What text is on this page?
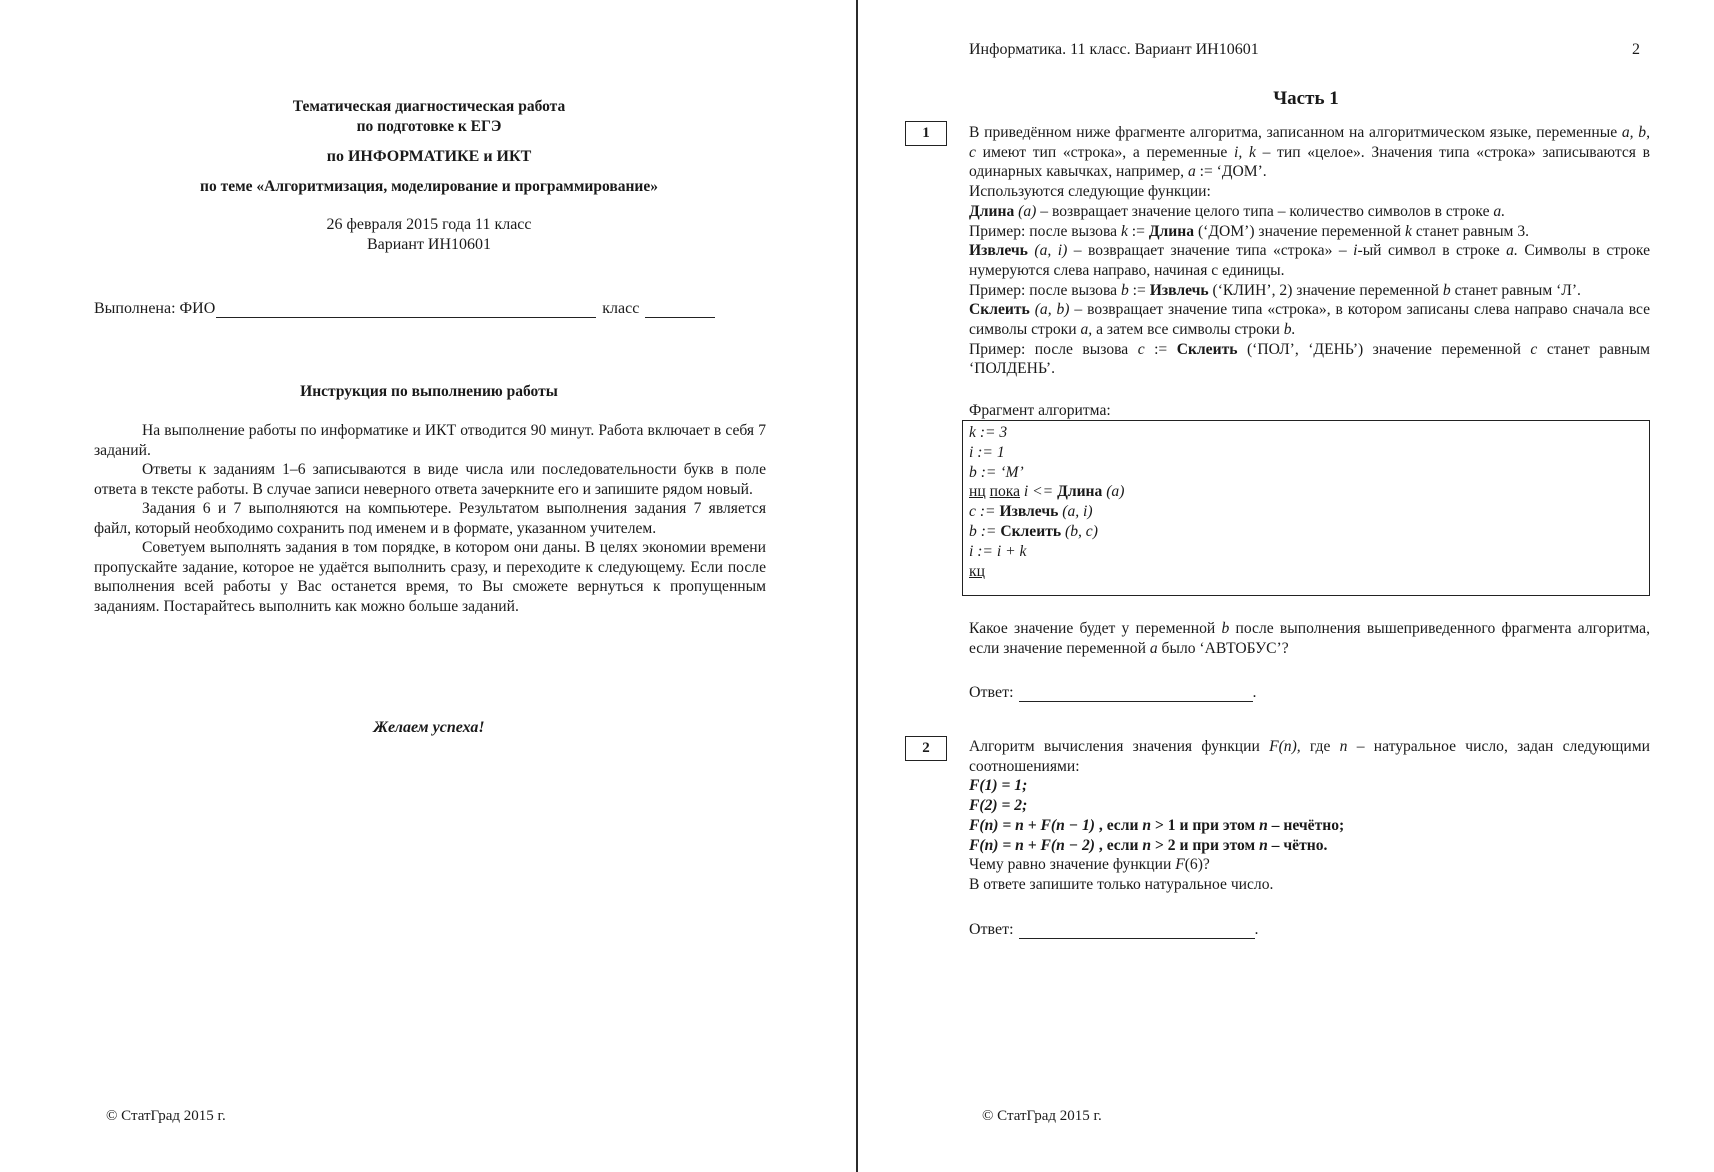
Тематическая диагностическая работа
по подготовке к ЕГЭ
по ИНФОРМАТИКЕ и ИКТ
по теме «Алгоритмизация, моделирование и программирование»
26 февраля 2015 года 11 класс
Вариант ИН10601
Выполнена: ФИО	класс
Инструкция по выполнению работы

На выполнение работы по информатике и ИКТ отводится 90 минут. Работа включает в себя 7 заданий.

Ответы к заданиям 1–6 записываются в виде числа или последовательности букв в поле ответа в тексте работы. В случае записи неверного ответа зачеркните его и запишите рядом новый.

Задания 6 и 7 выполняются на компьютере. Результатом выполнения задания 7 является файл, который необходимо сохранить под именем и в формате, указанном учителем.

Советуем выполнять задания в том порядке, в котором они даны. В целях экономии времени пропускайте задание, которое не удаётся выполнить сразу, и переходите к следующему. Если после выполнения всей работы у Вас останется время, то Вы сможете вернуться к пропущенным заданиям. Постарайтесь выполнить как можно больше заданий.

Желаем успеха!
© СтатГрад 2015 г.
Информатика. 11 класс. Вариант ИН10601	2
Часть 1
1	В приведённом ниже фрагменте алгоритма, записанном на алгоритмическом языке, переменные a, b, c имеют тип «строка», а переменные i, k – тип «целое». Значения типа «строка» записываются в одинарных кавычках, например, a := ‘ДОМ’.

Используются следующие функции:

Длина (a) – возвращает значение целого типа – количество символов в строке a.

Пример: после вызова k := Длина (‘ДОМ’) значение переменной k станет равным 3.

Извлечь (a, i) – возвращает значение типа «строка» – i-ый символ в строке a. Символы в строке нумеруются слева направо, начиная с единицы.

Пример: после вызова b := Извлечь (‘КЛИН’, 2) значение переменной b станет равным ‘Л’.

Склеить (a, b) – возвращает значение типа «строка», в котором записаны слева направо сначала все символы строки a, а затем все символы строки b.

Пример: после вызова c := Склеить (‘ПОЛ’, ‘ДЕНЬ’) значение переменной c станет равным ‘ПОЛДЕНЬ’.

Фрагмент алгоритма:
k := 3
i := 1
b := ‘М’
нц пока i <= Длина (a)
c := Извлечь (a, i)
b := Склеить (b, c)
i := i + k
кц
Какое значение будет у переменной b после выполнения вышеприведенного фрагмента алгоритма, если значение переменной a было ‘АВТОБУС’?
Ответ:	.
2	Алгоритм вычисления значения функции F(n), где n – натуральное число, задан следующими соотношениями:

F(1) = 1;

F(2) = 2;

F(n) = n + F(n − 1) , если n > 1 и при этом n – нечётно;

F(n) = n + F(n − 2) , если n > 2 и при этом n – чётно.

Чему равно значение функции F(6)?

В ответе запишите только натуральное число.

Ответ:	.
© СтатГрад 2015 г.
